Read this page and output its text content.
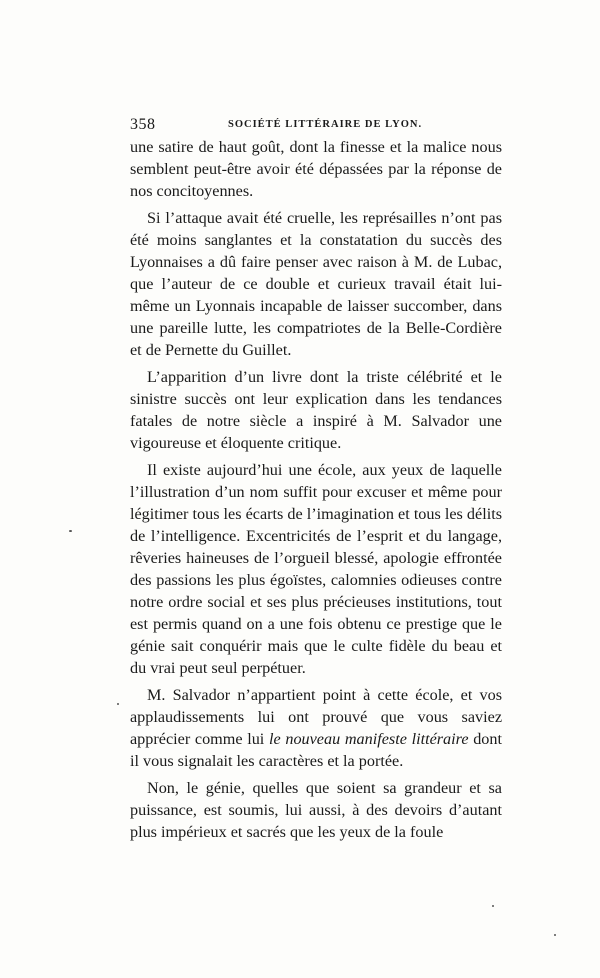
358	SOCIÉTÉ LITTÉRAIRE DE LYON.

une satire de haut goût, dont la finesse et la malice nous semblent peut-être avoir été dépassées par la réponse de nos concitoyennes.

Si l’attaque avait été cruelle, les représailles n’ont pas été moins sanglantes et la constatation du succès des Lyonnaises a dû faire penser avec raison à M. de Lubac, que l’auteur de ce double et curieux travail était lui-même un Lyonnais incapable de laisser succomber, dans une pareille lutte, les compatriotes de la Belle-Cordière et de Pernette du Guillet.

L’apparition d’un livre dont la triste célébrité et le sinistre succès ont leur explication dans les tendances fatales de notre siècle a inspiré à M. Salvador une vigoureuse et éloquente critique.

Il existe aujourd’hui une école, aux yeux de laquelle l’illustration d’un nom suffit pour excuser et même pour légitimer tous les écarts de l’imagination et tous les délits de l’intelligence. Excentricités de l’esprit et du langage, rêveries haineuses de l’orgueil blessé, apologie effrontée des passions les plus égoïstes, calomnies odieuses contre notre ordre social et ses plus précieuses institutions, tout est permis quand on a une fois obtenu ce prestige que le génie sait conquérir mais que le culte fidèle du beau et du vrai peut seul perpétuer.

M. Salvador n’appartient point à cette école, et vos applaudissements lui ont prouvé que vous saviez apprécier comme lui le nouveau manifeste littéraire dont il vous signalait les caractères et la portée.

Non, le génie, quelles que soient sa grandeur et sa puissance, est soumis, lui aussi, à des devoirs d’autant plus impérieux et sacrés que les yeux de la foule
